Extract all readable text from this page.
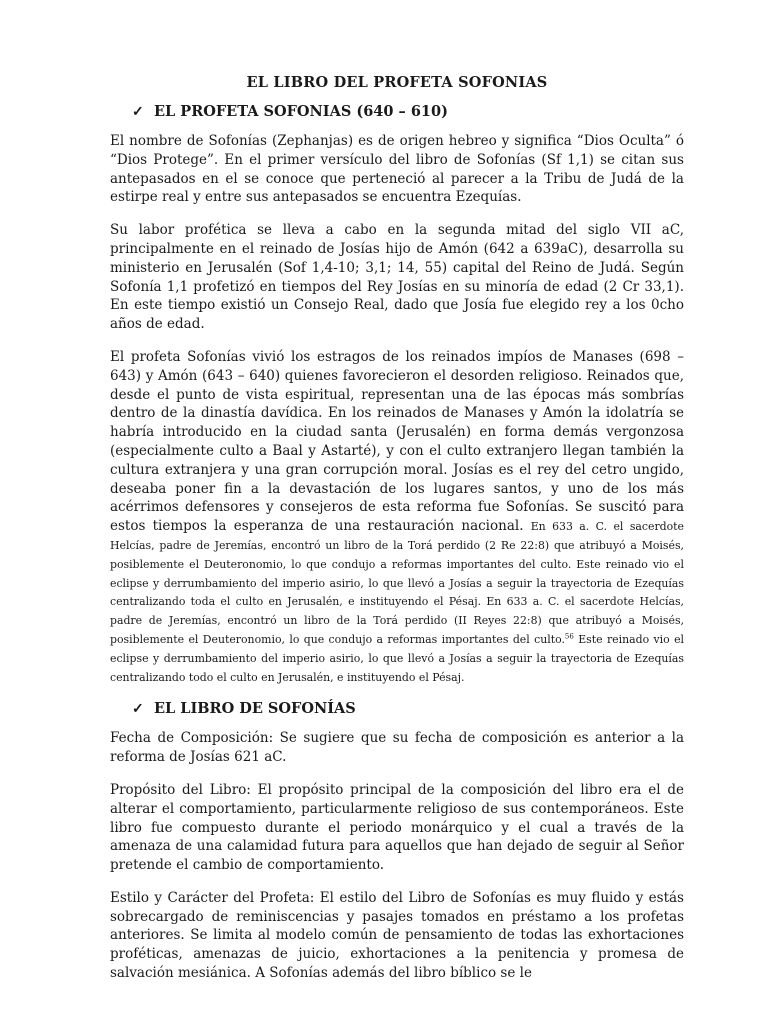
EL LIBRO DEL PROFETA SOFONIAS
✓ EL PROFETA SOFONIAS (640 – 610)

El nombre de Sofonías (Zephanjas) es de origen hebreo y significa “Dios Oculta” ó “Dios Protege”. En el primer versículo del libro de Sofonías (Sf 1,1) se citan sus antepasados en el se conoce que perteneció al parecer a la Tribu de Judá de la estirpe real y entre sus antepasados se encuentra Ezequías.

Su labor profética se lleva a cabo en la segunda mitad del siglo VII aC, principalmente en el reinado de Josías hijo de Amón (642 a 639aC), desarrolla su ministerio en Jerusalén (Sof 1,4-10; 3,1; 14, 55) capital del Reino de Judá. Según Sofonía 1,1 profetizó en tiempos del Rey Josías en su minoría de edad (2 Cr 33,1). En este tiempo existió un Consejo Real, dado que Josía fue elegido rey a los 0cho años de edad.

El profeta Sofonías vivió los estragos de los reinados impíos de Manases (698 – 643) y Amón (643 – 640) quienes favorecieron el desorden religioso. Reinados que, desde el punto de vista espiritual, representan una de las épocas más sombrías dentro de la dinastía davídica. En los reinados de Manases y Amón la idolatría se habría introducido en la ciudad santa (Jerusalén) en forma demás vergonzosa (especialmente culto a Baal y Astarté), y con el culto extranjero llegan también la cultura extranjera y una gran corrupción moral. Josías es el rey del cetro ungido, deseaba poner fin a la devastación de los lugares santos, y uno de los más acérrimos defensores y consejeros de esta reforma fue Sofonías. Se suscitó para estos tiempos la esperanza de una restauración nacional. En 633 a. C. el sacerdote Helcías, padre de Jeremías, encontró un libro de la Torá perdido (2 Re 22:8) que atribuyó a Moisés, posiblemente el Deuteronomio, lo que condujo a reformas importantes del culto. Este reinado vio el eclipse y derrumbamiento del imperio asirio, lo que llevó a Josías a seguir la trayectoria de Ezequías centralizando toda el culto en Jerusalén, e instituyendo el Pésaj. En 633 a. C. el sacerdote Helcías, padre de Jeremías, encontró un libro de la Torá perdido (II Reyes 22:8) que atribuyó a Moisés, posiblemente el Deuteronomio, lo que condujo a reformas importantes del culto.$^{56}$ Este reinado vio el eclipse y derrumbamiento del imperio asirio, lo que llevó a Josías a seguir la trayectoria de Ezequías centralizando todo el culto en Jerusalén, e instituyendo el Pésaj.

✓ EL LIBRO DE SOFONÍAS

Fecha de Composición: Se sugiere que su fecha de composición es anterior a la reforma de Josías 621 aC.

Propósito del Libro: El propósito principal de la composición del libro era el de alterar el comportamiento, particularmente religioso de sus contemporáneos. Este libro fue compuesto durante el periodo monárquico y el cual a través de la amenaza de una calamidad futura para aquellos que han dejado de seguir al Señor pretende el cambio de comportamiento.

Estilo y Carácter del Profeta: El estilo del Libro de Sofonías es muy fluido y estás sobrecargado de reminiscencias y pasajes tomados en préstamo a los profetas anteriores. Se limita al modelo común de pensamiento de todas las exhortaciones proféticas, amenazas de juicio, exhortaciones a la penitencia y promesa de salvación mesiánica. A Sofonías además del libro bíblico se le
